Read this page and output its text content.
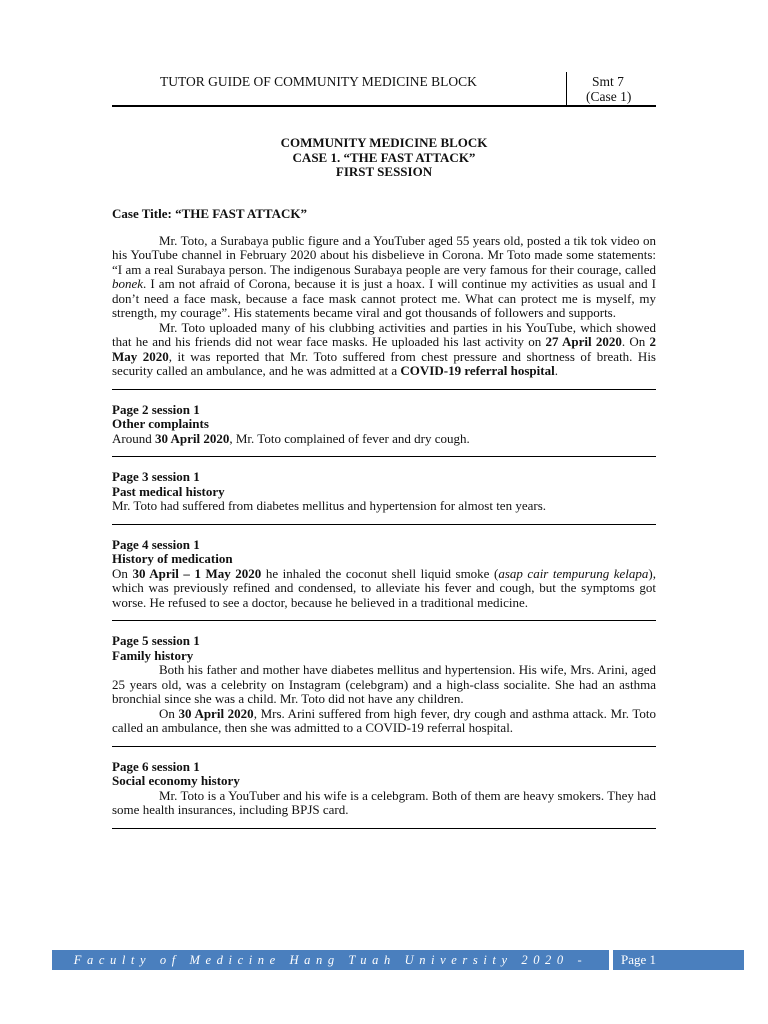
TUTOR GUIDE OF COMMUNITY MEDICINE BLOCK	Smt 7
(Case 1)
COMMUNITY MEDICINE BLOCK
CASE 1. “THE FAST ATTACK”
FIRST SESSION
Case Title: “THE FAST ATTACK”

Mr. Toto, a Surabaya public figure and a YouTuber aged 55 years old, posted a tik tok video on his YouTube channel in February 2020 about his disbelieve in Corona. Mr Toto made some statements: “I am a real Surabaya person. The indigenous Surabaya people are very famous for their courage, called bonek. I am not afraid of Corona, because it is just a hoax. I will continue my activities as usual and I don’t need a face mask, because a face mask cannot protect me. What can protect me is myself, my strength, my courage”. His statements became viral and got thousands of followers and supports.

Mr. Toto uploaded many of his clubbing activities and parties in his YouTube, which showed that he and his friends did not wear face masks. He uploaded his last activity on 27 April 2020. On 2 May 2020, it was reported that Mr. Toto suffered from chest pressure and shortness of breath. His security called an ambulance, and he was admitted at a COVID-19 referral hospital.

Page 2 session 1
Other complaints

Around 30 April 2020, Mr. Toto complained of fever and dry cough.

Page 3 session 1
Past medical history

Mr. Toto had suffered from diabetes mellitus and hypertension for almost ten years.

Page 4 session 1
History of medication

On 30 April – 1 May 2020 he inhaled the coconut shell liquid smoke (asap cair tempurung kelapa), which was previously refined and condensed, to alleviate his fever and cough, but the symptoms got worse. He refused to see a doctor, because he believed in a traditional medicine.

Page 5 session 1
Family history

Both his father and mother have diabetes mellitus and hypertension. His wife, Mrs. Arini, aged 25 years old, was a celebrity on Instagram (celebgram) and a high-class socialite. She had an asthma bronchial since she was a child. Mr. Toto did not have any children.

On 30 April 2020, Mrs. Arini suffered from high fever, dry cough and asthma attack. Mr. Toto called an ambulance, then she was admitted to a COVID-19 referral hospital.

Page 6 session 1
Social economy history

Mr. Toto is a YouTuber and his wife is a celebgram. Both of them are heavy smokers. They had some health insurances, including BPJS card.

Faculty of Medicine Hang Tuah University 2020 - 2021
Page 1
